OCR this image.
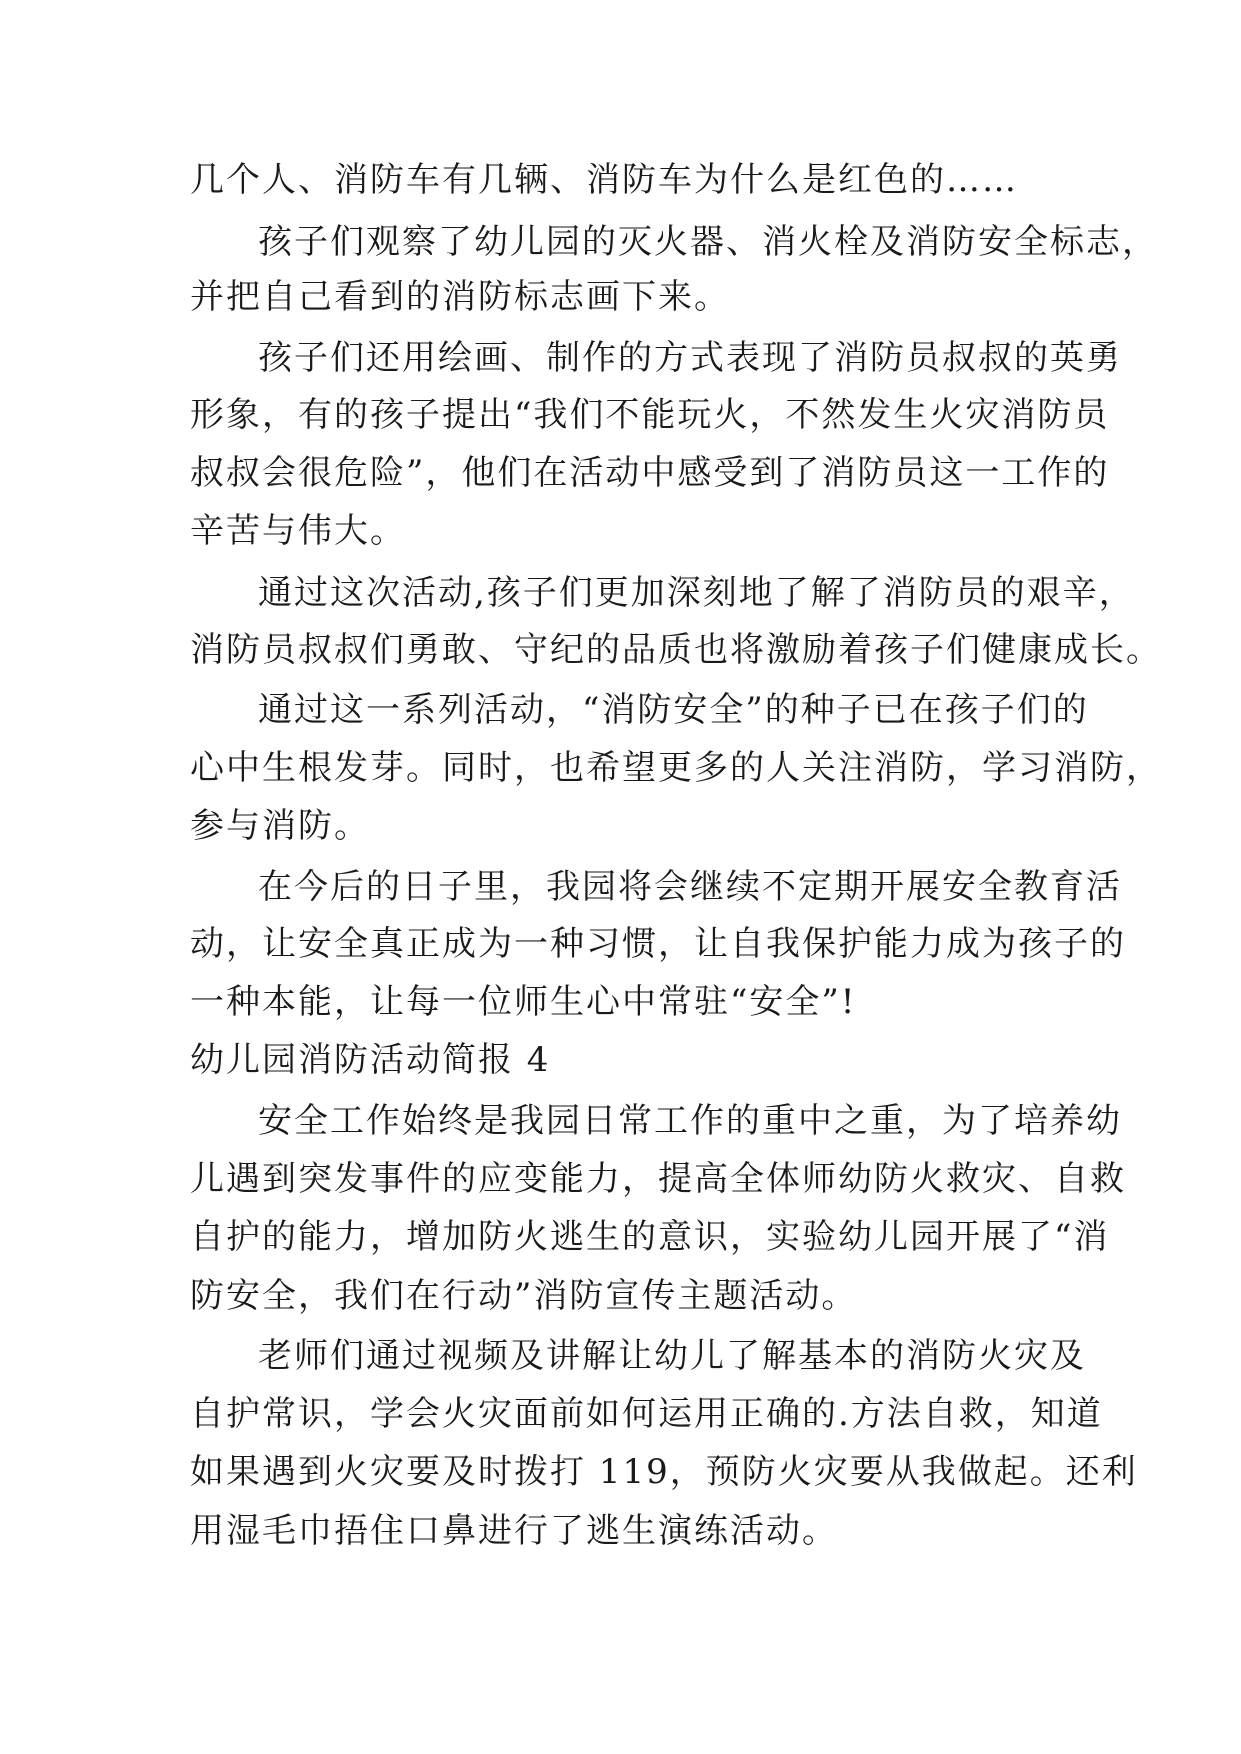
几个人、消防车有几辆、消防车为什么是红色的……
孩子们观察了幼儿园的灭火器、消火栓及消防安全标志，
并把自己看到的消防标志画下来。
孩子们还用绘画、制作的方式表现了消防员叔叔的英勇
形象，有的孩子提出“我们不能玩火，不然发生火灾消防员
叔叔会很危险”，他们在活动中感受到了消防员这一工作的
辛苦与伟大。
通过这次活动,孩子们更加深刻地了解了消防员的艰辛，
消防员叔叔们勇敢、守纪的品质也将激励着孩子们健康成长。
通过这一系列活动，“消防安全”的种子已在孩子们的
心中生根发芽。同时，也希望更多的人关注消防，学习消防，
参与消防。
在今后的日子里，我园将会继续不定期开展安全教育活
动，让安全真正成为一种习惯，让自我保护能力成为孩子的
一种本能，让每一位师生心中常驻“安全”!
幼儿园消防活动简报 4
安全工作始终是我园日常工作的重中之重，为了培养幼
儿遇到突发事件的应变能力，提高全体师幼防火救灾、自救
自护的能力，增加防火逃生的意识，实验幼儿园开展了“消
防安全，我们在行动”消防宣传主题活动。
老师们通过视频及讲解让幼儿了解基本的消防火灾及
自护常识，学会火灾面前如何运用正确的.方法自救，知道
如果遇到火灾要及时拨打 119，预防火灾要从我做起。还利
用湿毛巾捂住口鼻进行了逃生演练活动。
